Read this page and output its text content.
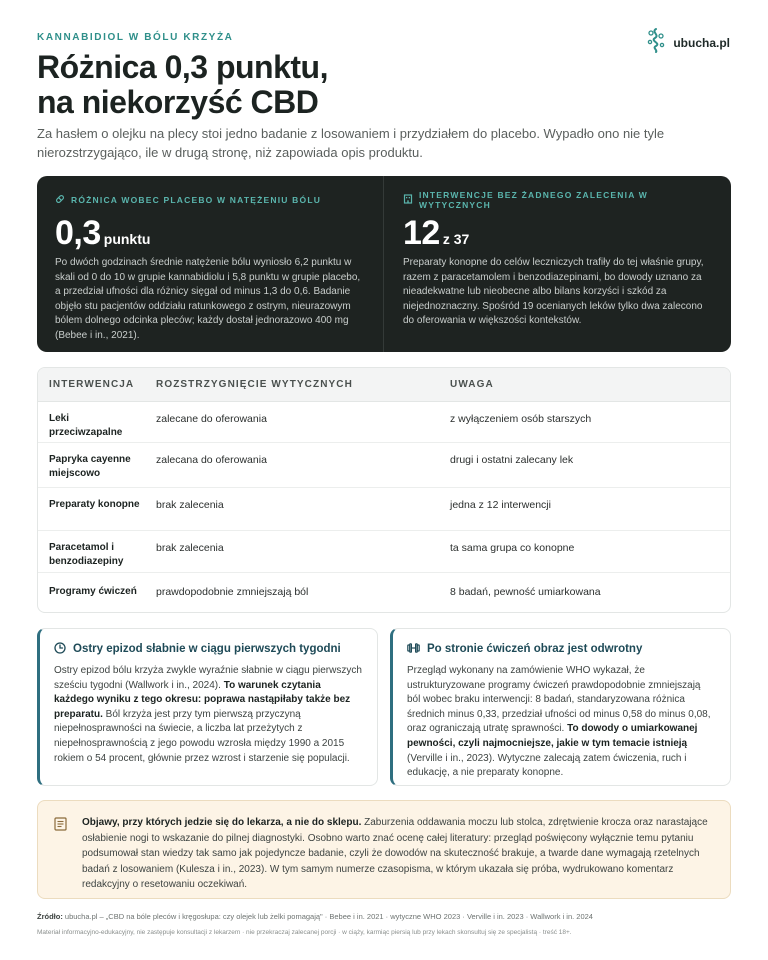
KANNABIDIOL W BÓLU KRZYŻA	ubucha.pl
Różnica 0,3 punktu,
na niekorzyść CBD

Za hasłem o olejku na plecy stoi jedno badanie z losowaniem i przydziałem do placebo. Wypadło ono nie tyle nierozstrzygająco, ile w drugą stronę, niż zapowiada opis produktu.

RÓŻNICA WOBEC PLACEBO W NATĘŻENIU BÓLU
0,3 punktu

Po dwóch godzinach średnie natężenie bólu wyniosło 6,2 punktu w skali od 0 do 10 w grupie kannabidiolu i 5,8 punktu w grupie placebo, a przedział ufności dla różnicy sięgał od minus 1,3 do 0,6. Badanie objęło stu pacjentów oddziału ratunkowego z ostrym, nieurazowym bólem dolnego odcinka pleców; każdy dostał jednorazowo 400 mg (Bebee i in., 2021).

INTERWENCJE BEZ ŻADNEGO ZALECENIA W WYTYCZNYCH
12 z 37

Preparaty konopne do celów leczniczych trafiły do tej właśnie grupy, razem z paracetamolem i benzodiazepinami, bo dowody uznano za nieadekwatne lub nieobecne albo bilans korzyści i szkód za niejednoznaczny. Spośród 19 ocenianych leków tylko dwa zalecono do oferowania w większości kontekstów.

INTERWENCJA	ROZSTRZYGNIĘCIE WYTYCZNYCH	UWAGA
Leki przeciwzapalne	zalecane do oferowania	z wyłączeniem osób starszych
Papryka cayenne miejscowo	zalecana do oferowania	drugi i ostatni zalecany lek
Preparaty konopne	brak zalecenia	jedna z 12 interwencji
Paracetamol i benzodiazepiny	brak zalecenia	ta sama grupa co konopne
Programy ćwiczeń	prawdopodobnie zmniejszają ból	8 badań, pewność umiarkowana
Ostry epizod słabnie w ciągu pierwszych tygodni

Ostry epizod bólu krzyża zwykle wyraźnie słabnie w ciągu pierwszych sześciu tygodni (Wallwork i in., 2024). To warunek czytania każdego wyniku z tego okresu: poprawa nastąpiłaby także bez preparatu. Ból krzyża jest przy tym pierwszą przyczyną niepełnosprawności na świecie, a liczba lat przeżytych z niepełnosprawnością z jego powodu wzrosła między 1990 a 2015 rokiem o 54 procent, głównie przez wzrost i starzenie się populacji.

Po stronie ćwiczeń obraz jest odwrotny

Przegląd wykonany na zamówienie WHO wykazał, że ustrukturyzowane programy ćwiczeń prawdopodobnie zmniejszają ból wobec braku interwencji: 8 badań, standaryzowana różnica średnich minus 0,33, przedział ufności od minus 0,58 do minus 0,08, oraz ograniczają utratę sprawności. To dowody o umiarkowanej pewności, czyli najmocniejsze, jakie w tym temacie istnieją (Verville i in., 2023). Wytyczne zalecają zatem ćwiczenia, ruch i edukację, a nie preparaty konopne.

Objawy, przy których jedzie się do lekarza, a nie do sklepu. Zaburzenia oddawania moczu lub stolca, zdrętwienie krocza oraz narastające osłabienie nogi to wskazanie do pilnej diagnostyki. Osobno warto znać ocenę całej literatury: przegląd poświęcony wyłącznie temu pytaniu podsumował stan wiedzy tak samo jak pojedyncze badanie, czyli że dowodów na skuteczność brakuje, a twarde dane wymagają rzetelnych badań z losowaniem (Kulesza i in., 2023). W tym samym numerze czasopisma, w którym ukazała się próba, wydrukowano komentarz redakcyjny o resetowaniu oczekiwań.

Źródło: ubucha.pl – „CBD na bóle pleców i kręgosłupa: czy olejek lub żelki pomagają" · Bebee i in. 2021 · wytyczne WHO 2023 · Verville i in. 2023 · Wallwork i in. 2024

Materiał informacyjno-edukacyjny, nie zastępuje konsultacji z lekarzem · nie przekraczaj zalecanej porcji · w ciąży, karmiąc piersią lub przy lekach skonsultuj się ze specjalistą · treść 18+.
